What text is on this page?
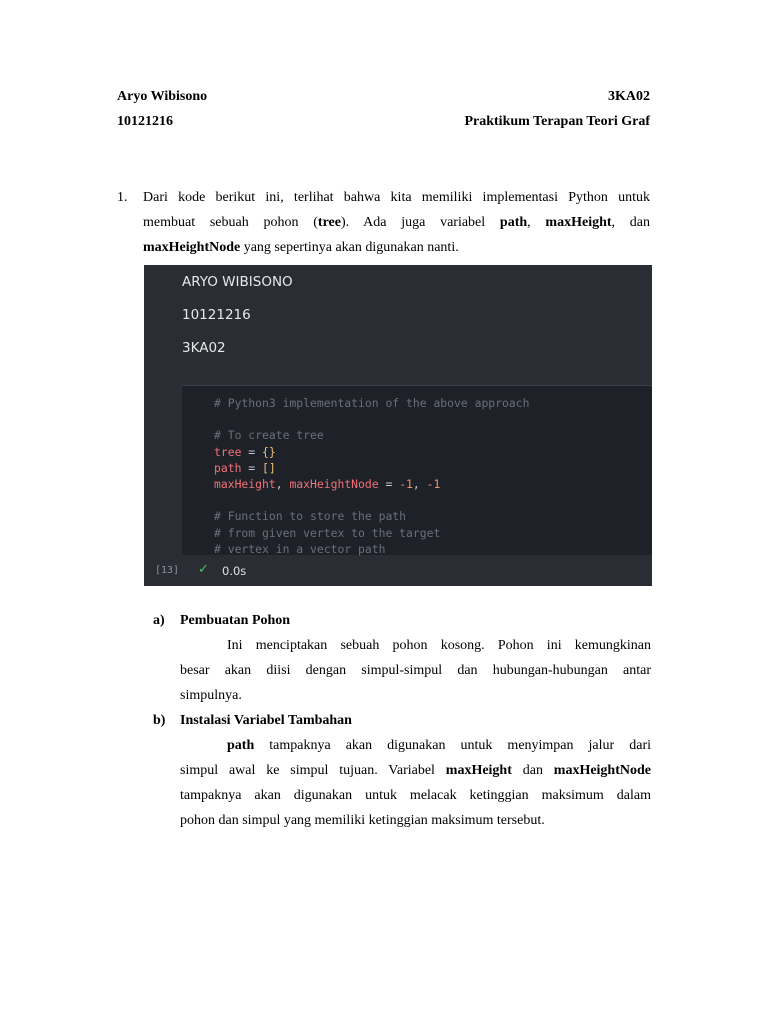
Aryo Wibisono	3KA02
10121216	Praktikum Terapan Teori Graf
1. Dari kode berikut ini, terlihat bahwa kita memiliki implementasi Python untuk
membuat sebuah pohon (tree). Ada juga variabel path, maxHeight, dan
maxHeightNode yang sepertinya akan digunakan nanti.
ARYO WIBISONO
10121216
3KA02
# Python3 implementation of the above approach

# To create tree
tree = {}
path = []
maxHeight, maxHeightNode = -1, -1

# Function to store the path
# from given vertex to the target
# vertex in a vector path
[13] ✓ 0.0s
a) Pembuatan Pohon
Ini menciptakan sebuah pohon kosong. Pohon ini kemungkinan
besar akan diisi dengan simpul-simpul dan hubungan-hubungan antar
simpulnya.
b) Instalasi Variabel Tambahan
path tampaknya akan digunakan untuk menyimpan jalur dari
simpul awal ke simpul tujuan. Variabel maxHeight dan maxHeightNode
tampaknya akan digunakan untuk melacak ketinggian maksimum dalam
pohon dan simpul yang memiliki ketinggian maksimum tersebut.
